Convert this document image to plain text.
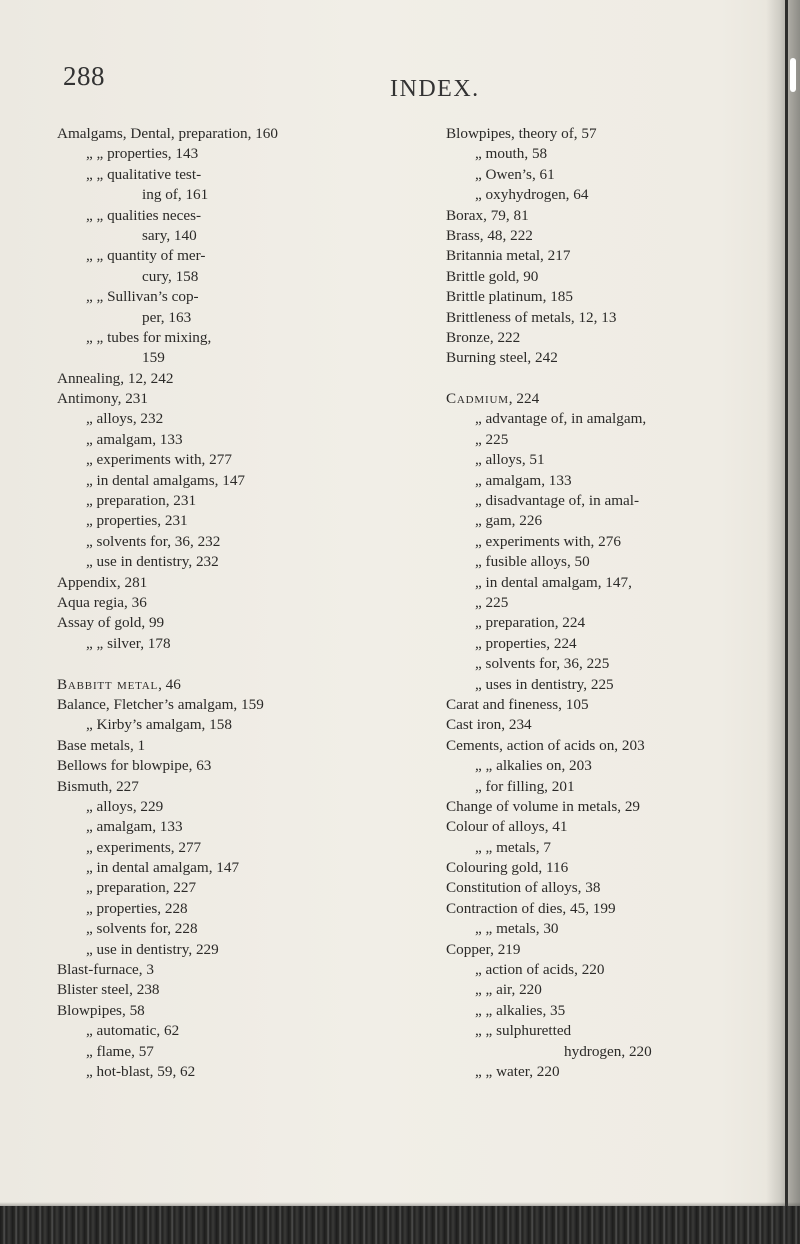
288	INDEX.
Amalgams, Dental, preparation, 160
„ „ properties, 143
„ „ qualitative test-
ing of, 161
„ „ qualities neces-
sary, 140
„ „ quantity of mer-
cury, 158
„ „ Sullivan’s cop-
per, 163
„ „ tubes for mixing,
159
Annealing, 12, 242
Antimony, 231
„ alloys, 232
„ amalgam, 133
„ experiments with, 277
„ in dental amalgams, 147
„ preparation, 231
„ properties, 231
„ solvents for, 36, 232
„ use in dentistry, 232
Appendix, 281
Aqua regia, 36
Assay of gold, 99
„ „ silver, 178
Babbitt metal, 46
Balance, Fletcher’s amalgam, 159
„ Kirby’s amalgam, 158
Base metals, 1
Bellows for blowpipe, 63
Bismuth, 227
„ alloys, 229
„ amalgam, 133
„ experiments, 277
„ in dental amalgam, 147
„ preparation, 227
„ properties, 228
„ solvents for, 228
„ use in dentistry, 229
Blast-furnace, 3
Blister steel, 238
Blowpipes, 58
„ automatic, 62
„ flame, 57
„ hot-blast, 59, 62
Blowpipes, theory of, 57
„ mouth, 58
„ Owen’s, 61
„ oxyhydrogen, 64
Borax, 79, 81
Brass, 48, 222
Britannia metal, 217
Brittle gold, 90
Brittle platinum, 185
Brittleness of metals, 12, 13
Bronze, 222
Burning steel, 242
Cadmium, 224
„ advantage of, in amalgam,
„ 225
„ alloys, 51
„ amalgam, 133
„ disadvantage of, in amal-
„ gam, 226
„ experiments with, 276
„ fusible alloys, 50
„ in dental amalgam, 147,
„ 225
„ preparation, 224
„ properties, 224
„ solvents for, 36, 225
„ uses in dentistry, 225
Carat and fineness, 105
Cast iron, 234
Cements, action of acids on, 203
„ „ alkalies on, 203
„ for filling, 201
Change of volume in metals, 29
Colour of alloys, 41
„ „ metals, 7
Colouring gold, 116
Constitution of alloys, 38
Contraction of dies, 45, 199
„ „ metals, 30
Copper, 219
„ action of acids, 220
„ „ air, 220
„ „ alkalies, 35
„ „ sulphuretted
hydrogen, 220
„ „ water, 220
